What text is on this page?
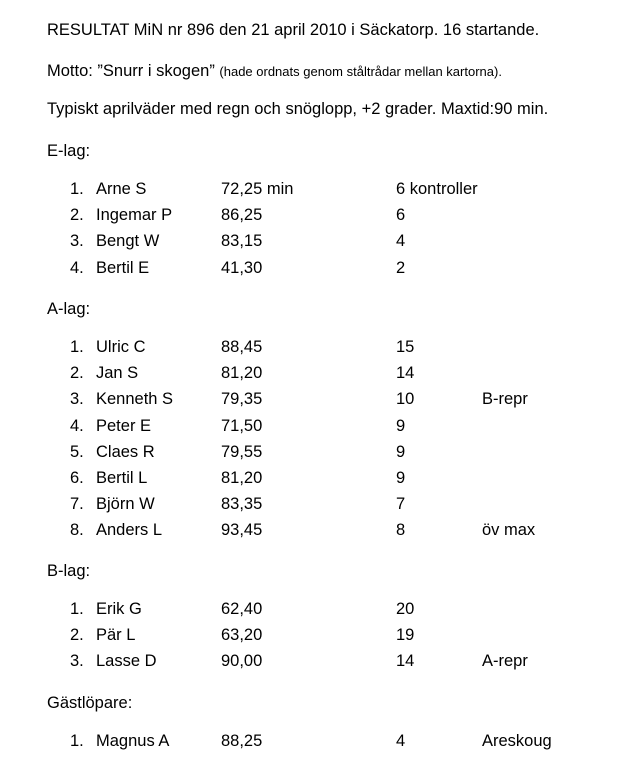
RESULTAT MiN nr 896 den 21 april 2010 i Säckatorp. 16 startande.
Motto: ”Snurr i skogen” (hade ordnats genom ståltrådar mellan kartorna).
Typiskt aprilväder med regn och snöglopp, +2 grader. Maxtid:90 min.
E-lag:
1. Arne S	72,25 min	6 kontroller
2. Ingemar P	86,25	6
3. Bengt W	83,15	4
4. Bertil E	41,30	2
A-lag:
1. Ulric C	88,45	15
2. Jan S	81,20	14
3. Kenneth S	79,35	10	B-repr
4. Peter E	71,50	9
5. Claes R	79,55	9
6. Bertil L	81,20	9
7. Björn W	83,35	7
8. Anders L	93,45	8	öv max
B-lag:
1. Erik G	62,40	20
2. Pär L	63,20	19
3. Lasse D	90,00	14	A-repr
Gästlöpare:
1. Magnus A	88,25	4	Areskoug
